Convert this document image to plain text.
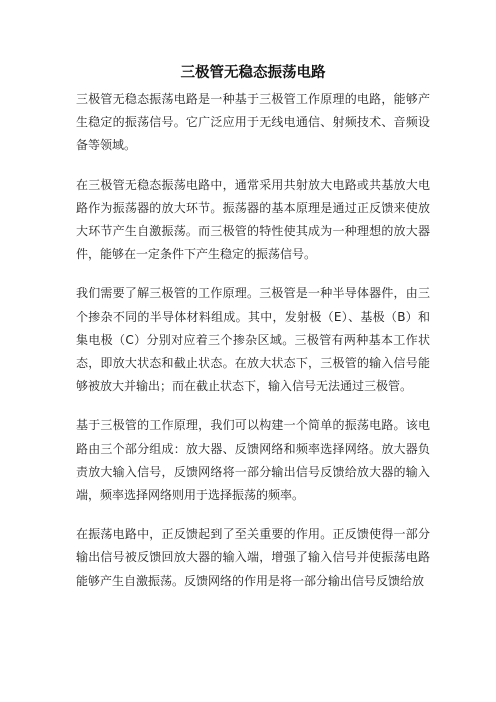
三极管无稳态振荡电路

三极管无稳态振荡电路是一种基于三极管工作原理的电路，能够产生稳定的振荡信号。它广泛应用于无线电通信、射频技术、音频设备等领域。

在三极管无稳态振荡电路中，通常采用共射放大电路或共基放大电路作为振荡器的放大环节。振荡器的基本原理是通过正反馈来使放大环节产生自激振荡。而三极管的特性使其成为一种理想的放大器件，能够在一定条件下产生稳定的振荡信号。

我们需要了解三极管的工作原理。三极管是一种半导体器件，由三个掺杂不同的半导体材料组成。其中，发射极（E）、基极（B）和集电极（C）分别对应着三个掺杂区域。三极管有两种基本工作状态，即放大状态和截止状态。在放大状态下，三极管的输入信号能够被放大并输出；而在截止状态下，输入信号无法通过三极管。

基于三极管的工作原理，我们可以构建一个简单的振荡电路。该电路由三个部分组成：放大器、反馈网络和频率选择网络。放大器负责放大输入信号，反馈网络将一部分输出信号反馈给放大器的输入端，频率选择网络则用于选择振荡的频率。

在振荡电路中，正反馈起到了至关重要的作用。正反馈使得一部分输出信号被反馈回放大器的输入端，增强了输入信号并使振荡电路能够产生自激振荡。反馈网络的作用是将一部分输出信号反馈给放
